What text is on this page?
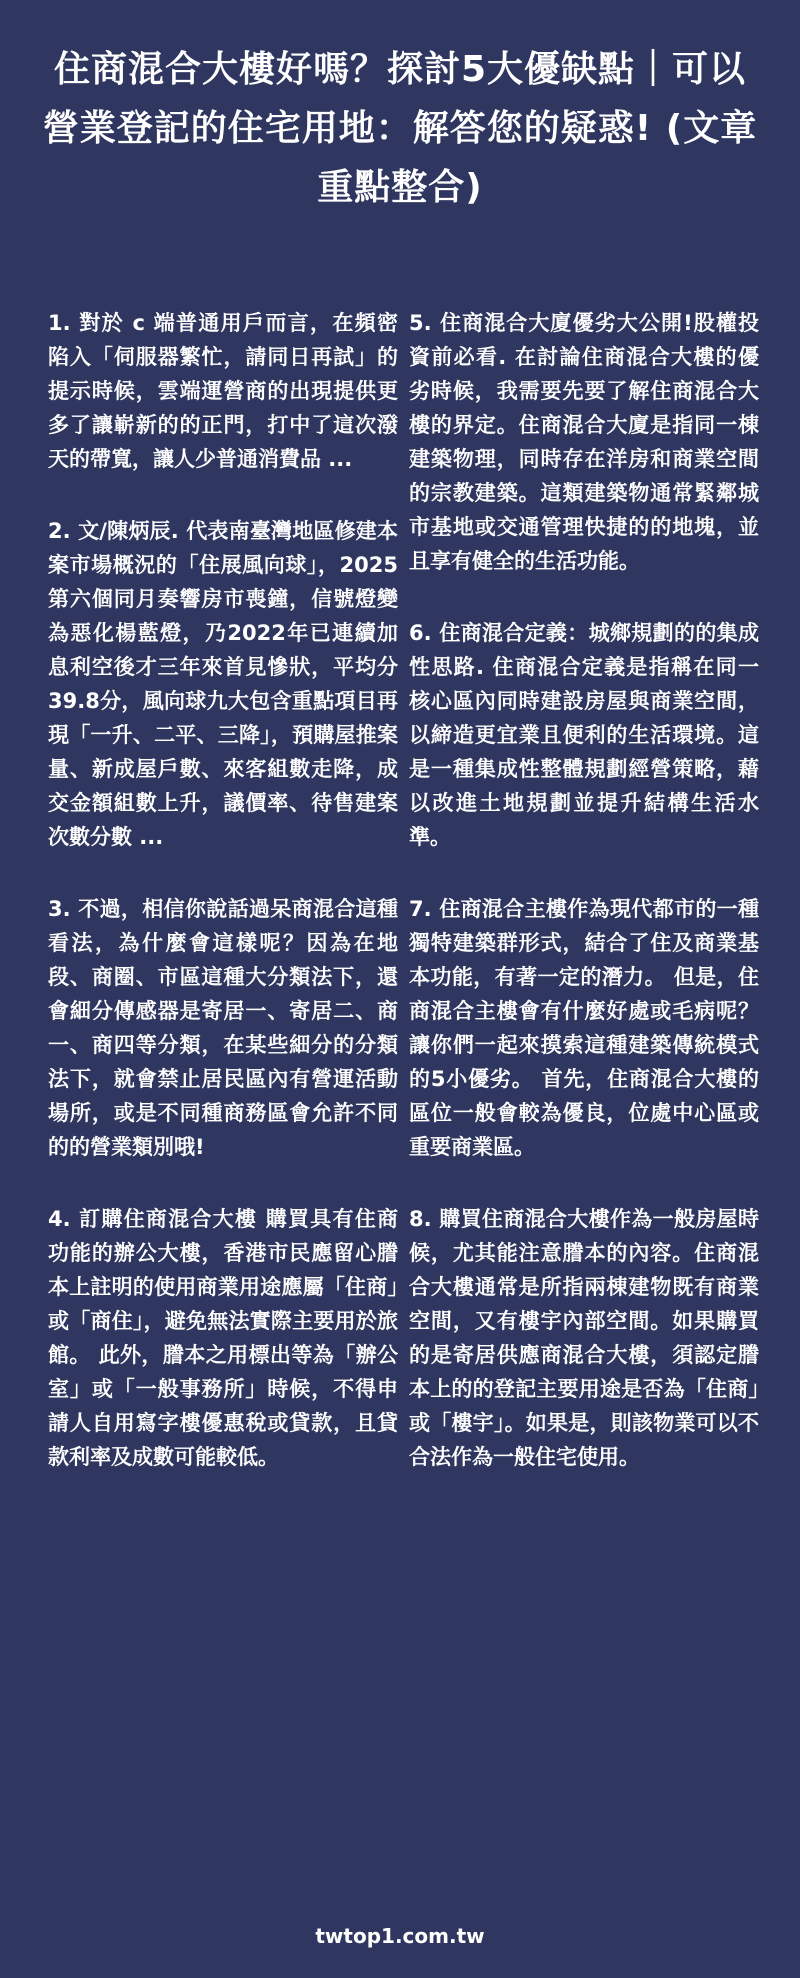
住商混合大樓好嗎？探討5大優缺點｜可以營業登記的住宅用地：解答您的疑惑! (文章重點整合)

1. 對於 c 端普通用戶而言，在頻密陷入「伺服器繁忙，請同日再試」的提示時候，雲端運營商的出現提供更多了讓嶄新的的正門，打中了這次潑天的帶寬，讓人少普通消費品 ...

2. 文/陳炳辰. 代表南臺灣地區修建本案市場概況的「住展風向球」，2025第六個同月奏響房市喪鐘，信號燈變為惡化楊藍燈，乃2022年已連續加息利空後才三年來首見慘狀，平均分39.8分，風向球九大包含重點項目再現「一升、二平、三降」，預購屋推案量、新成屋戶數、來客組數走降，成交金額組數上升，議價率、待售建案次數分數 ...

3. 不過，相信你說話過呆商混合這種看法，為什麼會這樣呢？因為在地段、商圈、市區這種大分類法下，還會細分傳感器是寄居一、寄居二、商一、商四等分類，在某些細分的分類法下，就會禁止居民區內有營運活動場所，或是不同種商務區會允許不同的的營業類別哦!

4. 訂購住商混合大樓 購買具有住商功能的辦公大樓，香港市民應留心謄本上註明的使用商業用途應屬「住商」或「商住」，避免無法實際主要用於旅館。 此外，謄本之用標出等為「辦公室」或「一般事務所」時候，不得申請人自用寫字樓優惠稅或貸款，且貸款利率及成數可能較低。

5. 住商混合大廈優劣大公開!股權投資前必看. 在討論住商混合大樓的優劣時候，我需要先要了解住商混合大樓的界定。住商混合大廈是指同一棟建築物理，同時存在洋房和商業空間的宗教建築。這類建築物通常緊鄰城市基地或交通管理快捷的的地塊，並且享有健全的生活功能。

6. 住商混合定義：城鄉規劃的的集成性思路. 住商混合定義是指稱在同一核心區內同時建設房屋與商業空間，以締造更宜業且便利的生活環境。這是一種集成性整體規劃經營策略，藉以改進土地規劃並提升結構生活水準。

7. 住商混合主樓作為現代都市的一種獨特建築群形式，結合了住及商業基本功能，有著一定的潛力。 但是，住商混合主樓會有什麼好處或毛病呢？讓你們一起來摸索這種建築傳統模式的5小優劣。 首先，住商混合大樓的區位一般會較為優良，位處中心區或重要商業區。

8. 購買住商混合大樓作為一般房屋時候，尤其能注意謄本的內容。住商混合大樓通常是所指兩棟建物既有商業空間，又有樓宇內部空間。如果購買的是寄居供應商混合大樓，須認定謄本上的的登記主要用途是否為「住商」或「樓宇」。如果是，則該物業可以不合法作為一般住宅使用。

twtop1.com.tw
